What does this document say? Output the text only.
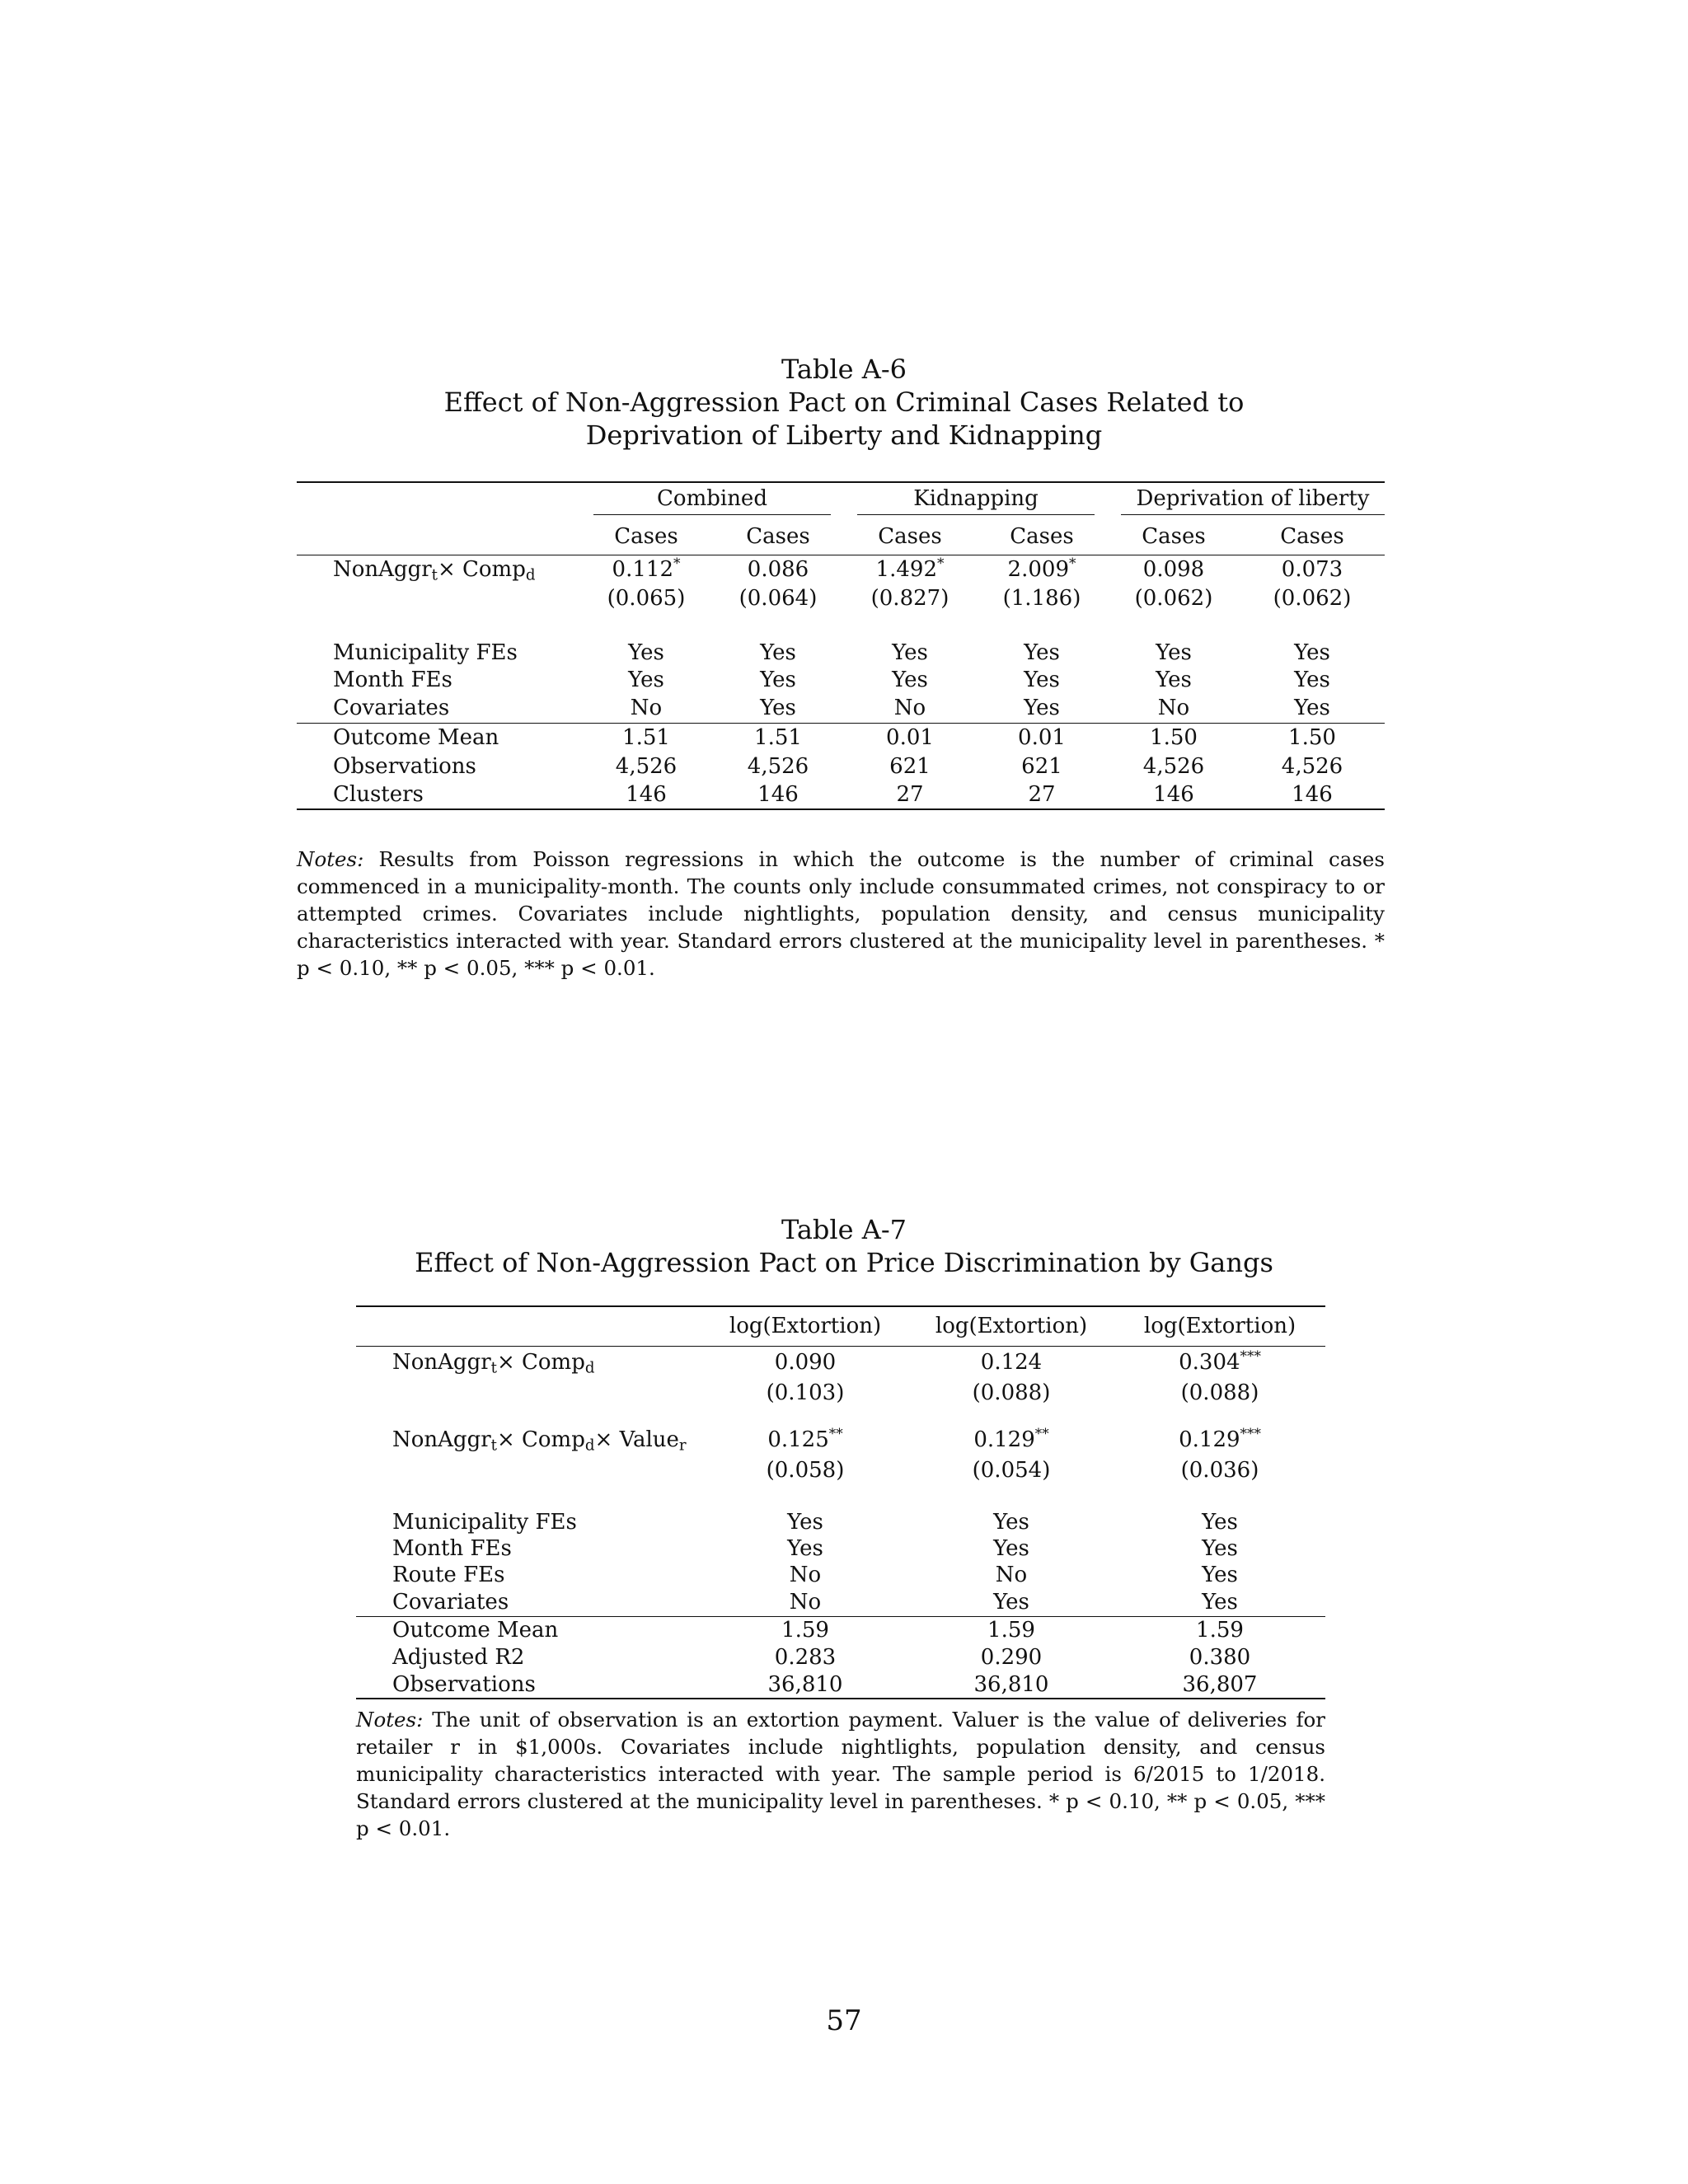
Table A-6
Effect of Non-Aggression Pact on Criminal Cases Related to
Deprivation of Liberty and Kidnapping

	Combined		Kidnapping		Deprivation of liberty	

	Cases	Cases	Cases	Cases	Cases	Cases
NonAggr$_t$× Comp$_d$	0.112*	0.086	1.492*	2.009*	0.098	0.073
	(0.065)	(0.064)	(0.827)	(1.186)	(0.062)	(0.062)

Municipality FEs	Yes	Yes	Yes	Yes	Yes	Yes
Month FEs	Yes	Yes	Yes	Yes	Yes	Yes
Covariates	No	Yes	No	Yes	No	Yes
Outcome Mean	1.51	1.51	0.01	0.01	1.50	1.50
Observations	4,526	4,526	621	621	4,526	4,526
Clusters	146	146	27	27	146	146

Notes: Results from Poisson regressions in which the outcome is the number of criminal cases commenced in a municipality-month. The counts only include consummated crimes, not conspiracy to or attempted crimes. Covariates include nightlights, population density, and census municipality characteristics interacted with year. Standard errors clustered at the municipality level in parentheses. * p < 0.10, ** p < 0.05, *** p < 0.01.
Table A-7
Effect of Non-Aggression Pact on Price Discrimination by Gangs
	log(Extortion)	log(Extortion)	log(Extortion)
NonAggr$_t$× Comp$_d$	0.090	0.124	0.304***
	(0.103)	(0.088)	(0.088)

NonAggr$_t$× Comp$_d$× Value$_r$	0.125**	0.129**	0.129***
	(0.058)	(0.054)	(0.036)

Municipality FEs	Yes	Yes	Yes
Month FEs	Yes	Yes	Yes
Route FEs	No	No	Yes
Covariates	No	Yes	Yes
Outcome Mean	1.59	1.59	1.59
Adjusted R2	0.283	0.290	0.380
Observations	36,810	36,810	36,807

Notes: The unit of observation is an extortion payment. Valuer is the value of deliveries for retailer r in $1,000s. Covariates include nightlights, population density, and census municipality characteristics interacted with year. The sample period is 6/2015 to 1/2018. Standard errors clustered at the municipality level in parentheses. * p < 0.10, ** p < 0.05, *** p < 0.01.
57
